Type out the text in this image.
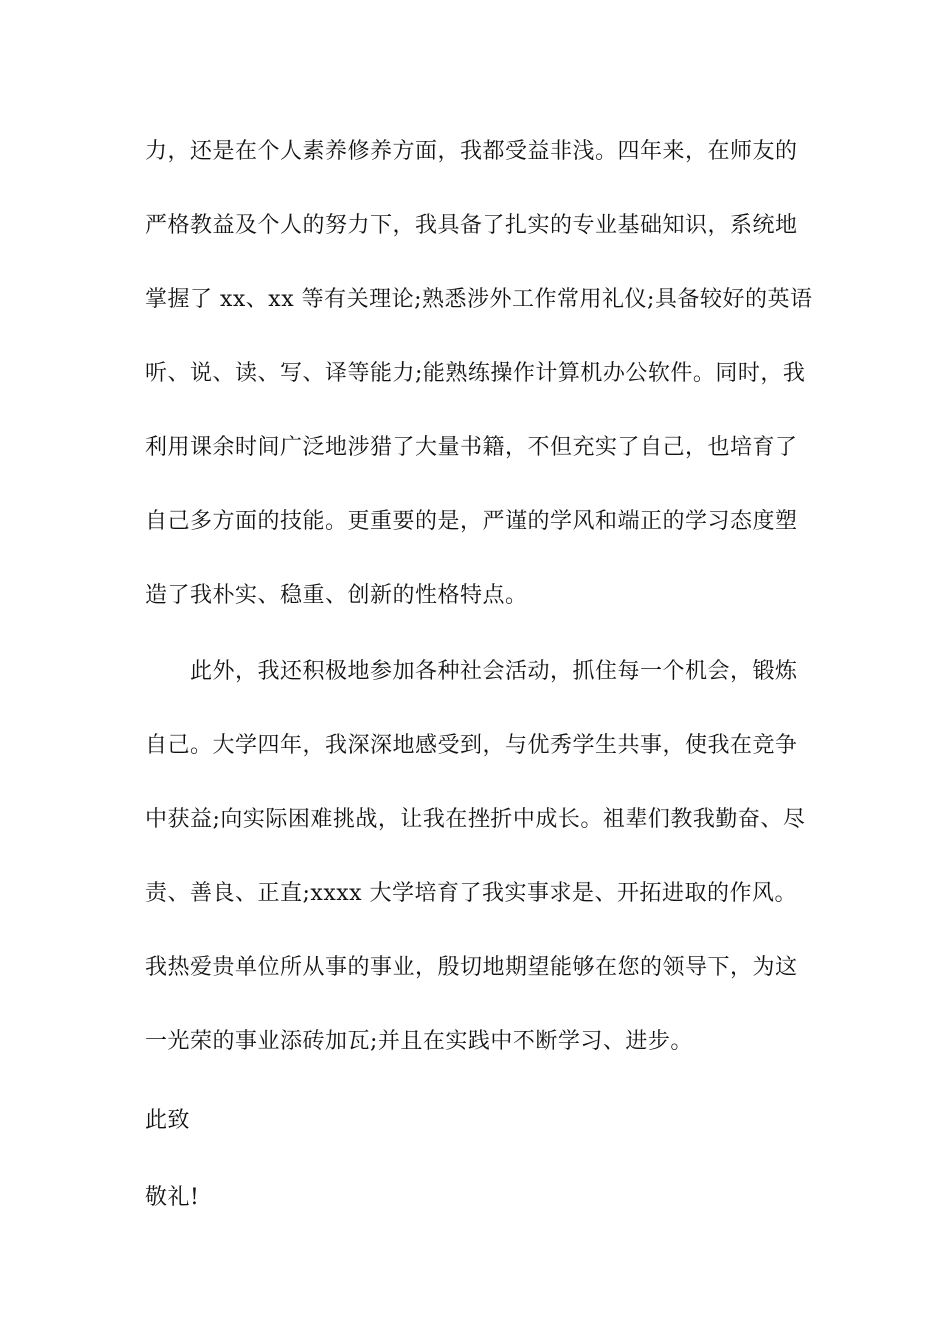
力，还是在个人素养修养方面，我都受益非浅。四年来，在师友的
严格教益及个人的努力下，我具备了扎实的专业基础知识，系统地
掌握了 xx、xx 等有关理论;熟悉涉外工作常用礼仪;具备较好的英语
听、说、读、写、译等能力;能熟练操作计算机办公软件。同时，我
利用课余时间广泛地涉猎了大量书籍，不但充实了自己，也培育了
自己多方面的技能。更重要的是，严谨的学风和端正的学习态度塑
造了我朴实、稳重、创新的性格特点。
此外，我还积极地参加各种社会活动，抓住每一个机会，锻炼
自己。大学四年，我深深地感受到，与优秀学生共事，使我在竞争
中获益;向实际困难挑战，让我在挫折中成长。祖辈们教我勤奋、尽
责、善良、正直;xxxx 大学培育了我实事求是、开拓进取的作风。
我热爱贵单位所从事的事业，殷切地期望能够在您的领导下，为这
一光荣的事业添砖加瓦;并且在实践中不断学习、进步。
此致
敬礼!
